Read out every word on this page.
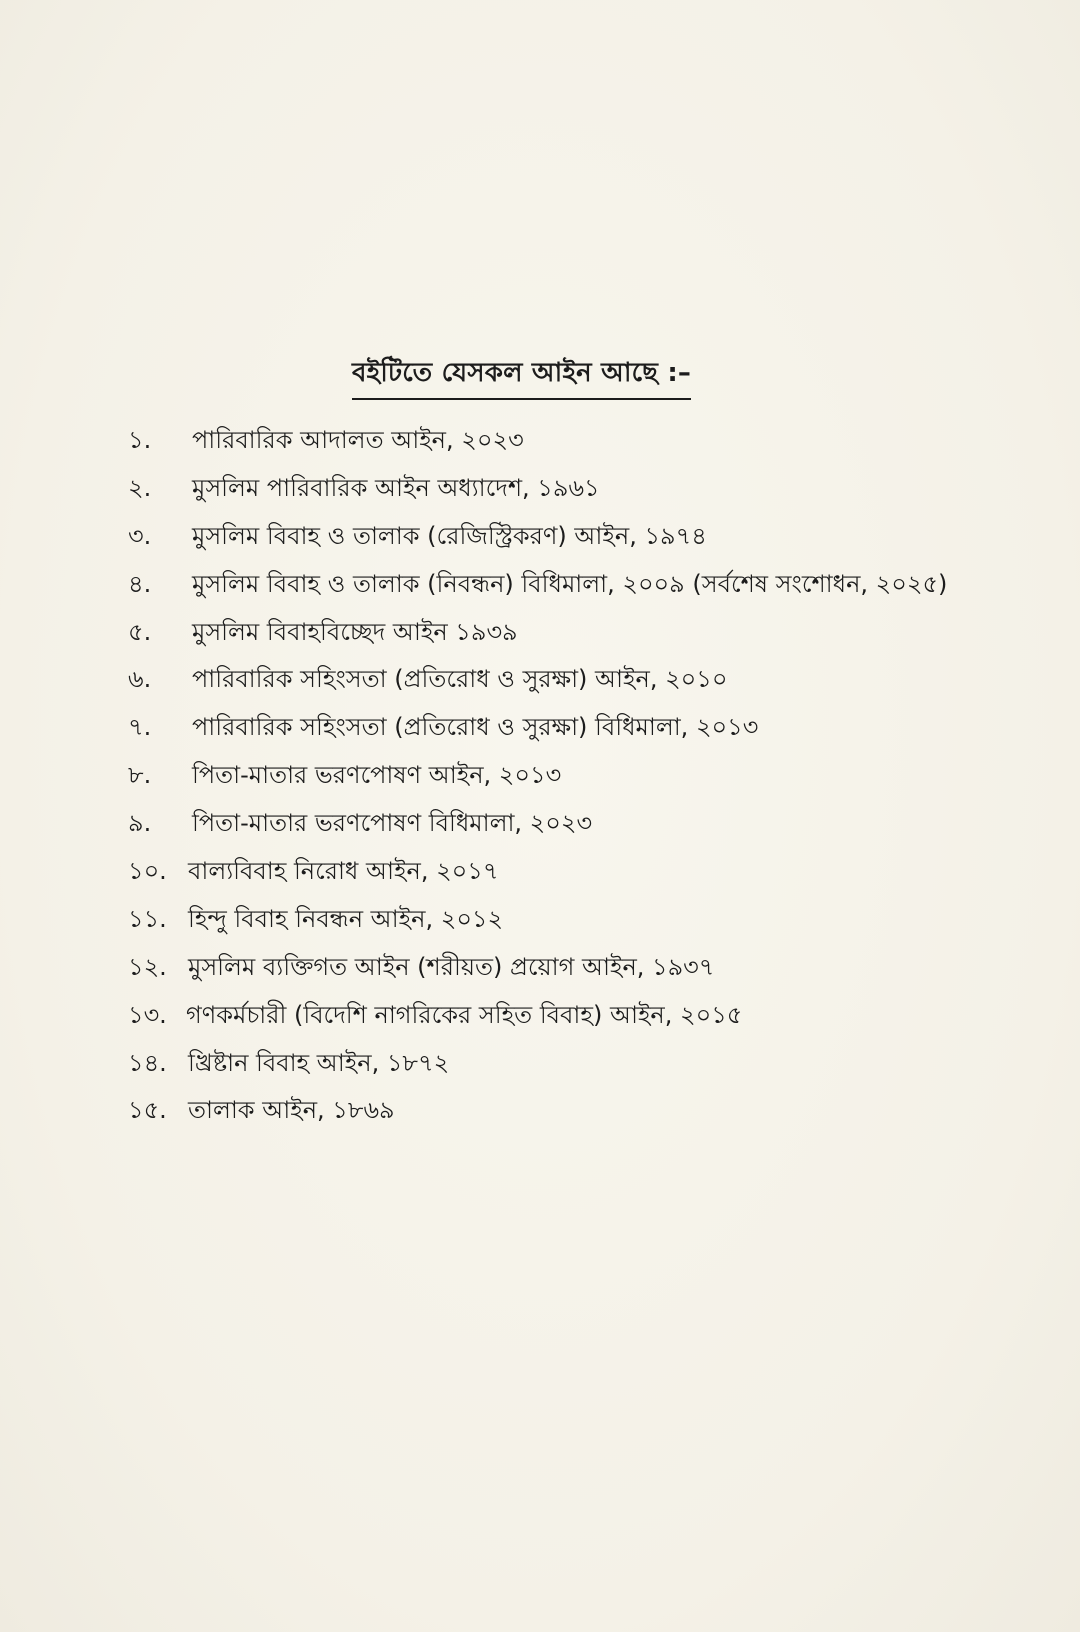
বইটিতে যেসকল আইন আছে :–
১.	পারিবারিক আদালত আইন, ২০২৩
২.	মুসলিম পারিবারিক আইন অধ্যাদেশ, ১৯৬১
৩.	মুসলিম বিবাহ ও তালাক (রেজিস্ট্রিকরণ) আইন, ১৯৭৪
৪.	মুসলিম বিবাহ ও তালাক (নিবন্ধন) বিধিমালা, ২০০৯ (সর্বশেষ সংশোধন, ২০২৫)
৫.	মুসলিম বিবাহবিচ্ছেদ আইন ১৯৩৯
৬.	পারিবারিক সহিংসতা (প্রতিরোধ ও সুরক্ষা) আইন, ২০১০
৭.	পারিবারিক সহিংসতা (প্রতিরোধ ও সুরক্ষা) বিধিমালা, ২০১৩
৮.	পিতা-মাতার ভরণপোষণ আইন, ২০১৩
৯.	পিতা-মাতার ভরণপোষণ বিধিমালা, ২০২৩
১০. বাল্যবিবাহ নিরোধ আইন, ২০১৭
১১. হিন্দু বিবাহ নিবন্ধন আইন, ২০১২
১২. মুসলিম ব্যক্তিগত আইন (শরীয়ত) প্রয়োগ আইন, ১৯৩৭
১৩. গণকর্মচারী (বিদেশি নাগরিকের সহিত বিবাহ) আইন, ২০১৫
১৪. খ্রিষ্টান বিবাহ আইন, ১৮৭২
১৫. তালাক আইন, ১৮৬৯
